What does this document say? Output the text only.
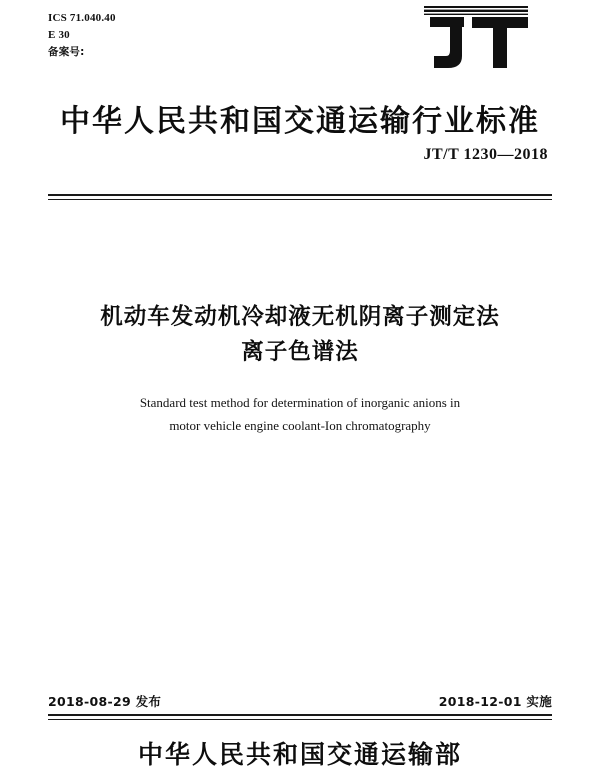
ICS 71.040.40
E 30
备案号:
中华人民共和国交通运输行业标准
JT/T 1230—2018
机动车发动机冷却液无机阴离子测定法
离子色谱法
Standard test method for determination of inorganic anions in
motor vehicle engine coolant-Ion chromatography
2018-08-29 发布	2018-12-01 实施
中华人民共和国交通运输部
